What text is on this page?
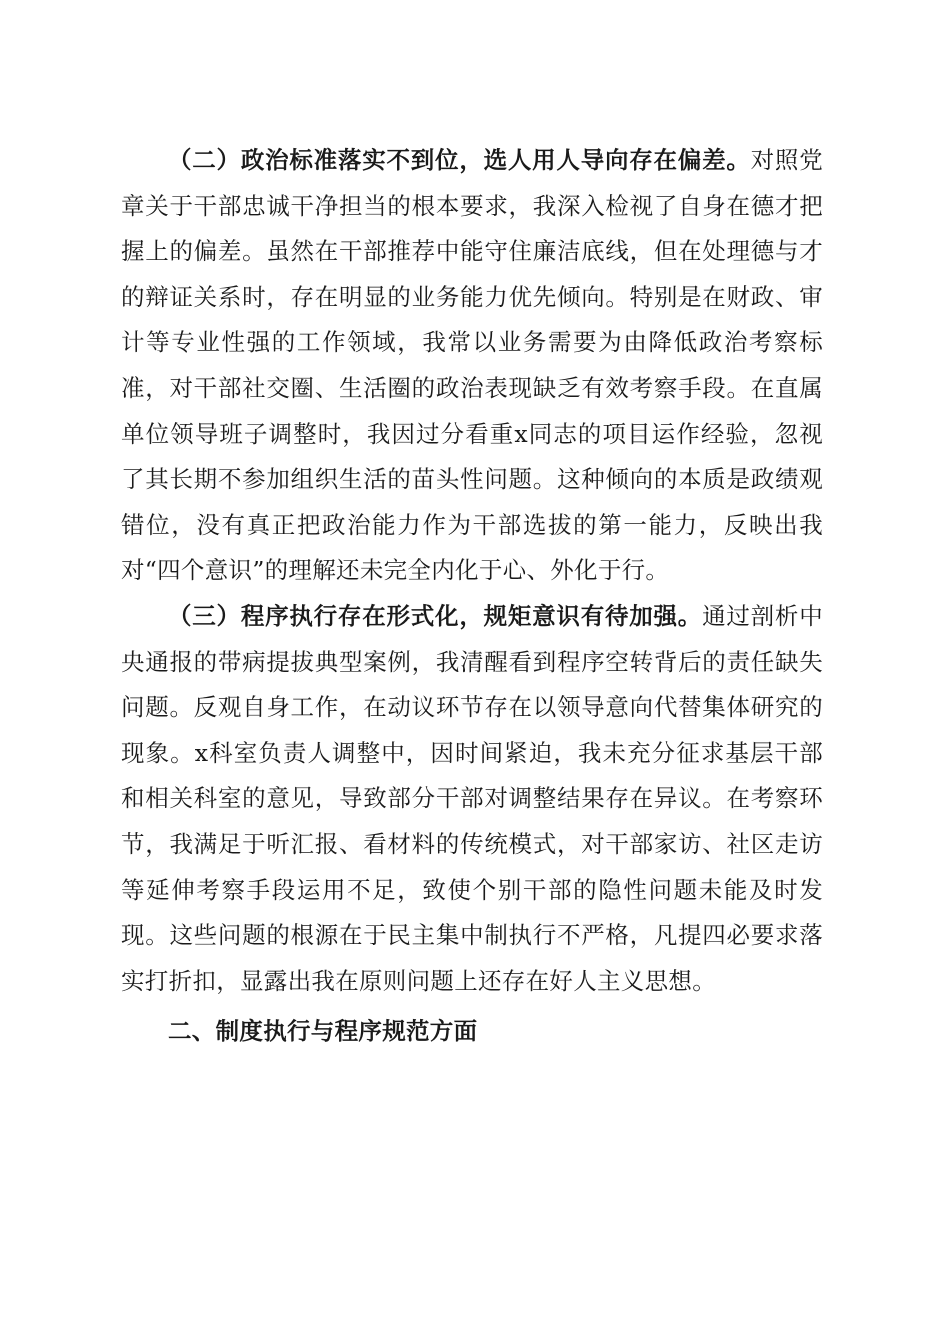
（二）政治标准落实不到位，选人用人导向存在偏差。对照党章关于干部忠诚干净担当的根本要求，我深入检视了自身在德才把握上的偏差。虽然在干部推荐中能守住廉洁底线，但在处理德与才的辩证关系时，存在明显的业务能力优先倾向。特别是在财政、审计等专业性强的工作领域，我常以业务需要为由降低政治考察标准，对干部社交圈、生活圈的政治表现缺乏有效考察手段。在直属单位领导班子调整时，我因过分看重x同志的项目运作经验，忽视了其长期不参加组织生活的苗头性问题。这种倾向的本质是政绩观错位，没有真正把政治能力作为干部选拔的第一能力，反映出我对“四个意识”的理解还未完全内化于心、外化于行。

（三）程序执行存在形式化，规矩意识有待加强。通过剖析中央通报的带病提拔典型案例，我清醒看到程序空转背后的责任缺失问题。反观自身工作，在动议环节存在以领导意向代替集体研究的现象。x科室负责人调整中，因时间紧迫，我未充分征求基层干部和相关科室的意见，导致部分干部对调整结果存在异议。在考察环节，我满足于听汇报、看材料的传统模式，对干部家访、社区走访等延伸考察手段运用不足，致使个别干部的隐性问题未能及时发现。这些问题的根源在于民主集中制执行不严格，凡提四必要求落实打折扣，显露出我在原则问题上还存在好人主义思想。

二、制度执行与程序规范方面
